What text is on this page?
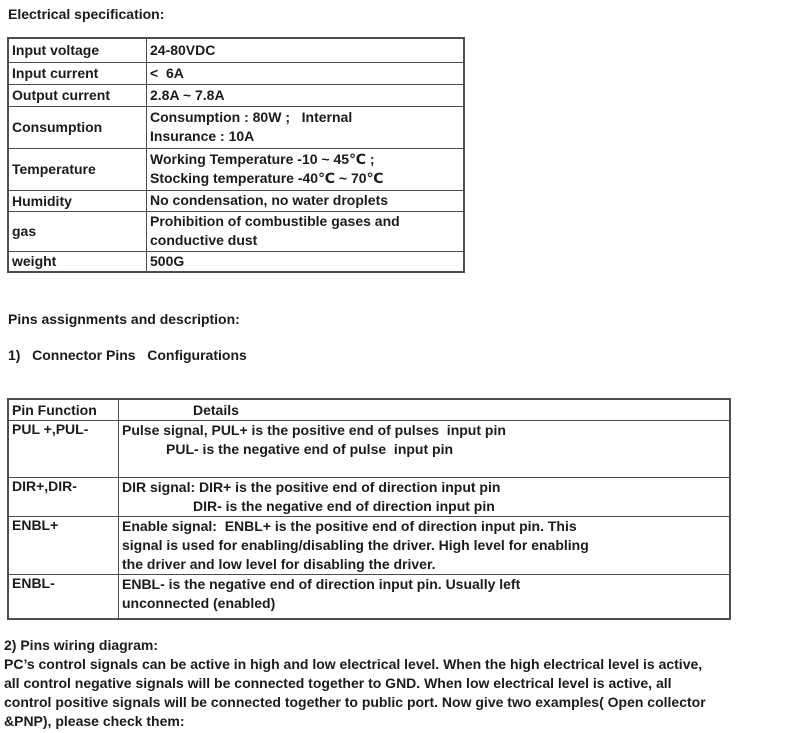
Electrical specification:
Input voltage	24-80VDC

Input current	<  6A

Output current	2.8A ~ 7.8A

Consumption	Consumption : 80W ;   Internal
Insurance : 10A

Temperature	Working Temperature -10 ~ 45℃ ;
Stocking temperature -40℃ ~ 70℃

Humidity	No condensation, no water droplets

gas	Prohibition of combustible gases and
conductive dust

weight	500G
Pins assignments and description:
1)   Connector Pins   Configurations
Pin Function	Details
PUL +,PUL-	Pulse signal, PUL+ is the positive end of pulses  input pin
PUL- is the negative end of pulse  input pin

DIR+,DIR-	DIR signal: DIR+ is the positive end of direction input pin
DIR- is the negative end of direction input pin

ENBL+	Enable signal:  ENBL+ is the positive end of direction input pin. This
signal is used for enabling/disabling the driver. High level for enabling
the driver and low level for disabling the driver.

ENBL-	ENBL- is the negative end of direction input pin. Usually left
unconnected (enabled)
2) Pins wiring diagram:
PC’s control signals can be active in high and low electrical level. When the high electrical level is active,
all control negative signals will be connected together to GND. When low electrical level is active, all
control positive signals will be connected together to public port. Now give two examples( Open collector
&PNP), please check them:
